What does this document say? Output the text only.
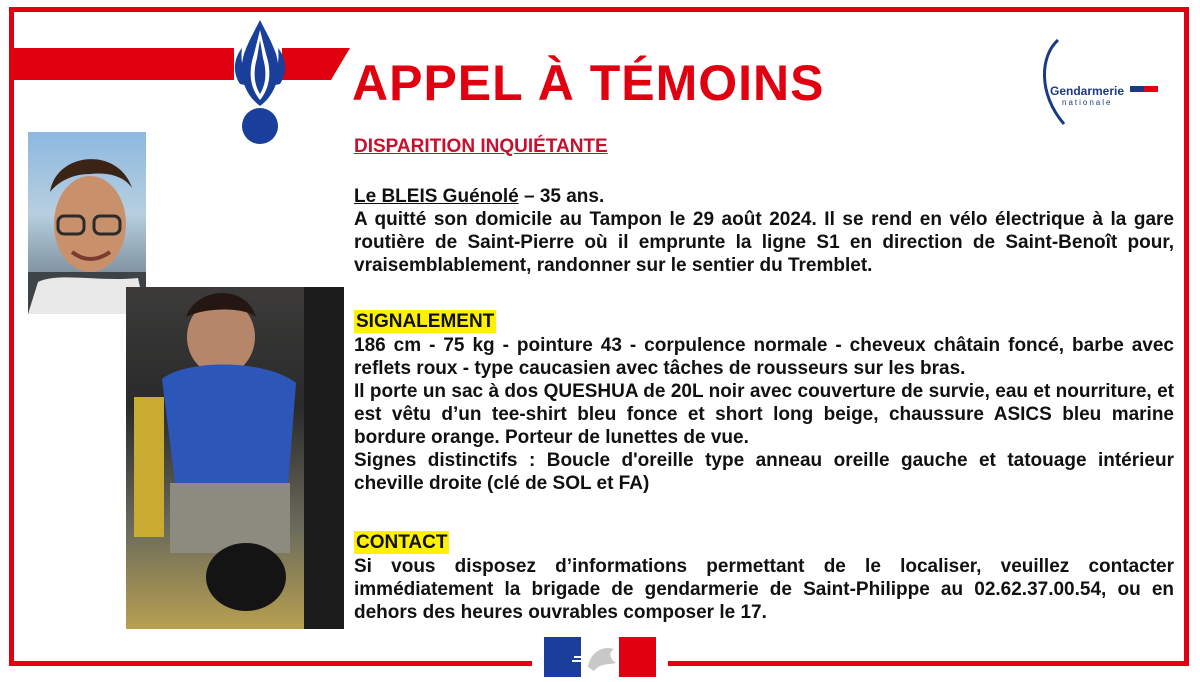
APPEL À TÉMOINS	Gendarmerie
nationale
DISPARITION INQUIÉTANTE

Le BLEIS Guénolé – 35 ans.

A quitté son domicile au Tampon le 29 août 2024. Il se rend en vélo électrique à la gare routière de Saint-Pierre où il emprunte la ligne S1 en direction de Saint-Benoît pour, vraisemblablement, randonner sur le sentier du Tremblet.

SIGNALEMENT

186 cm - 75 kg - pointure 43 - corpulence normale - cheveux châtain foncé, barbe avec reflets roux - type caucasien avec tâches de rousseurs sur les bras.

Il porte un sac à dos QUESHUA de 20L noir avec couverture de survie, eau et nourriture, et est vêtu d’un tee-shirt bleu fonce et short long beige, chaussure ASICS bleu marine bordure orange. Porteur de lunettes de vue.

Signes distinctifs : Boucle d'oreille type anneau oreille gauche et tatouage intérieur cheville droite (clé de SOL et FA)

CONTACT

Si vous disposez d’informations permettant de le localiser, veuillez contacter immédiatement la brigade de gendarmerie de Saint-Philippe au 02.62.37.00.54, ou en dehors des heures ouvrables composer le 17.
